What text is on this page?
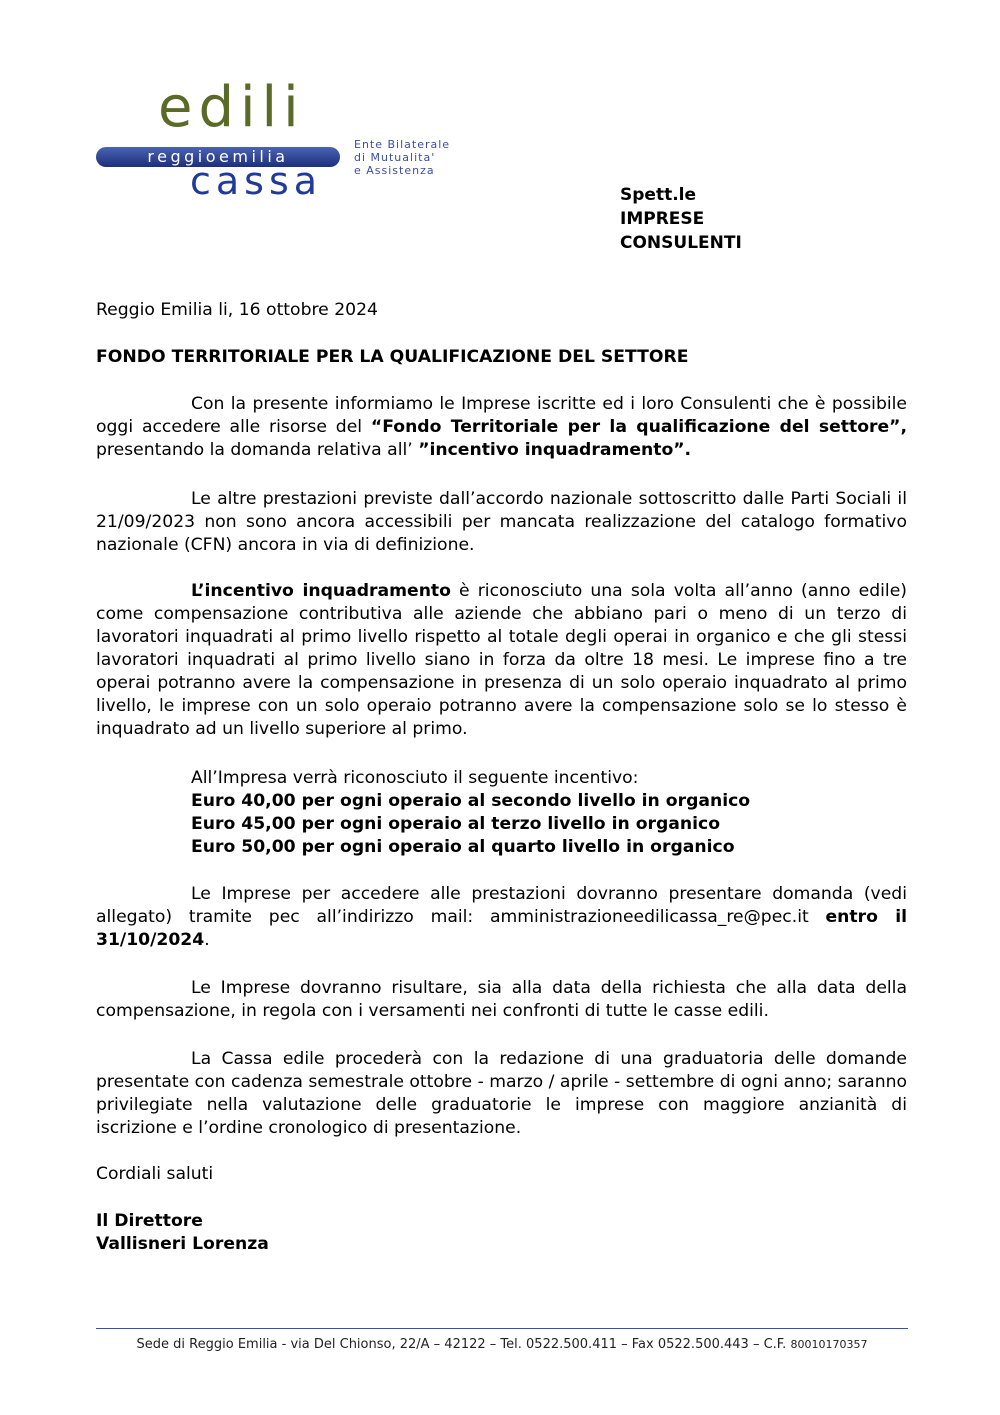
edili
reggioemilia
cassa
Ente Bilaterale
di Mutualita'
e Assistenza
Spett.le
IMPRESE
CONSULENTI
Reggio Emilia li, 16 ottobre 2024
FONDO TERRITORIALE PER LA QUALIFICAZIONE DEL SETTORE
Con la presente informiamo le Imprese iscritte ed i loro Consulenti che è possibile oggi accedere alle risorse del “Fondo Territoriale per la qualificazione del settore”, presentando la domanda relativa all’ ”incentivo inquadramento”.
Le altre prestazioni previste dall’accordo nazionale sottoscritto dalle Parti Sociali il 21/09/2023 non sono ancora accessibili per mancata realizzazione del catalogo formativo nazionale (CFN) ancora in via di definizione.
L’incentivo inquadramento è riconosciuto una sola volta all’anno (anno edile) come compensazione contributiva alle aziende che abbiano pari o meno di un terzo di lavoratori inquadrati al primo livello rispetto al totale degli operai in organico e che gli stessi lavoratori inquadrati al primo livello siano in forza da oltre 18 mesi. Le imprese fino a tre operai potranno avere la compensazione in presenza di un solo operaio inquadrato al primo livello, le imprese con un solo operaio potranno avere la compensazione solo se lo stesso è inquadrato ad un livello superiore al primo.
All’Impresa verrà riconosciuto il seguente incentivo:
Euro 40,00 per ogni operaio al secondo livello in organico
Euro 45,00 per ogni operaio al terzo livello in organico
Euro 50,00 per ogni operaio al quarto livello in organico
Le Imprese per accedere alle prestazioni dovranno presentare domanda (vedi allegato) tramite pec all’indirizzo mail: amministrazioneedilicassa_re@pec.it entro il 31/10/2024.
Le Imprese dovranno risultare, sia alla data della richiesta che alla data della compensazione, in regola con i versamenti nei confronti di tutte le casse edili.
La Cassa edile procederà con la redazione di una graduatoria delle domande presentate con cadenza semestrale ottobre - marzo / aprile - settembre di ogni anno; saranno privilegiate nella valutazione delle graduatorie le imprese con maggiore anzianità di iscrizione e l’ordine cronologico di presentazione.
Cordiali saluti
Il Direttore
Vallisneri Lorenza
Sede di Reggio Emilia - via Del Chionso, 22/A – 42122 – Tel. 0522.500.411 – Fax 0522.500.443 – C.F. 80010170357
